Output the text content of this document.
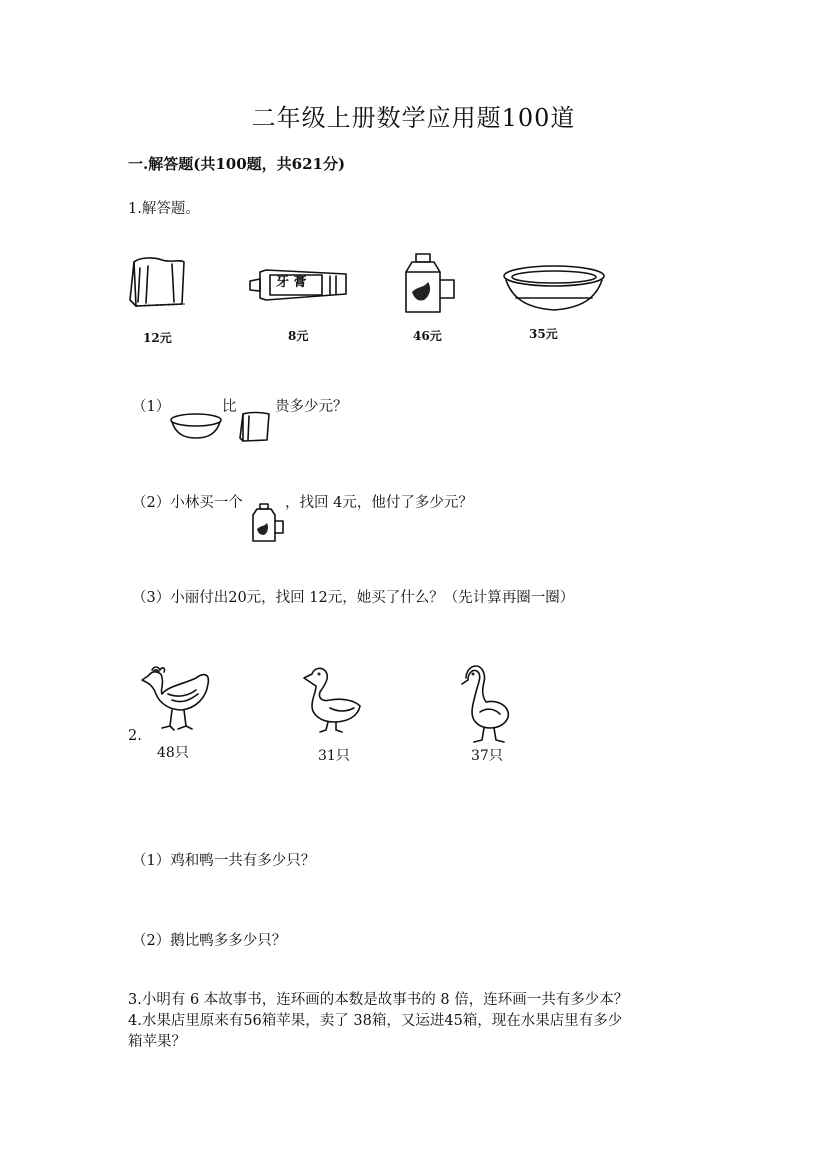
二年级上册数学应用题100道
一.解答题(共100题，共621分)
1.解答题。
12元
牙 膏
8元	46元	35元
（1）	比	贵多少元？
（2）小林买一个	，找回 4元，他付了多少元？
（3）小丽付出20元，找回 12元，她买了什么？（先计算再圈一圈）
2.
48只	31只	37只
（1）鸡和鸭一共有多少只？
（2）鹅比鸭多多少只？
3.小明有 6 本故事书，连环画的本数是故事书的 8 倍，连环画一共有多少本？
4.水果店里原来有56箱苹果，卖了 38箱，又运进45箱，现在水果店里有多少
箱苹果？
